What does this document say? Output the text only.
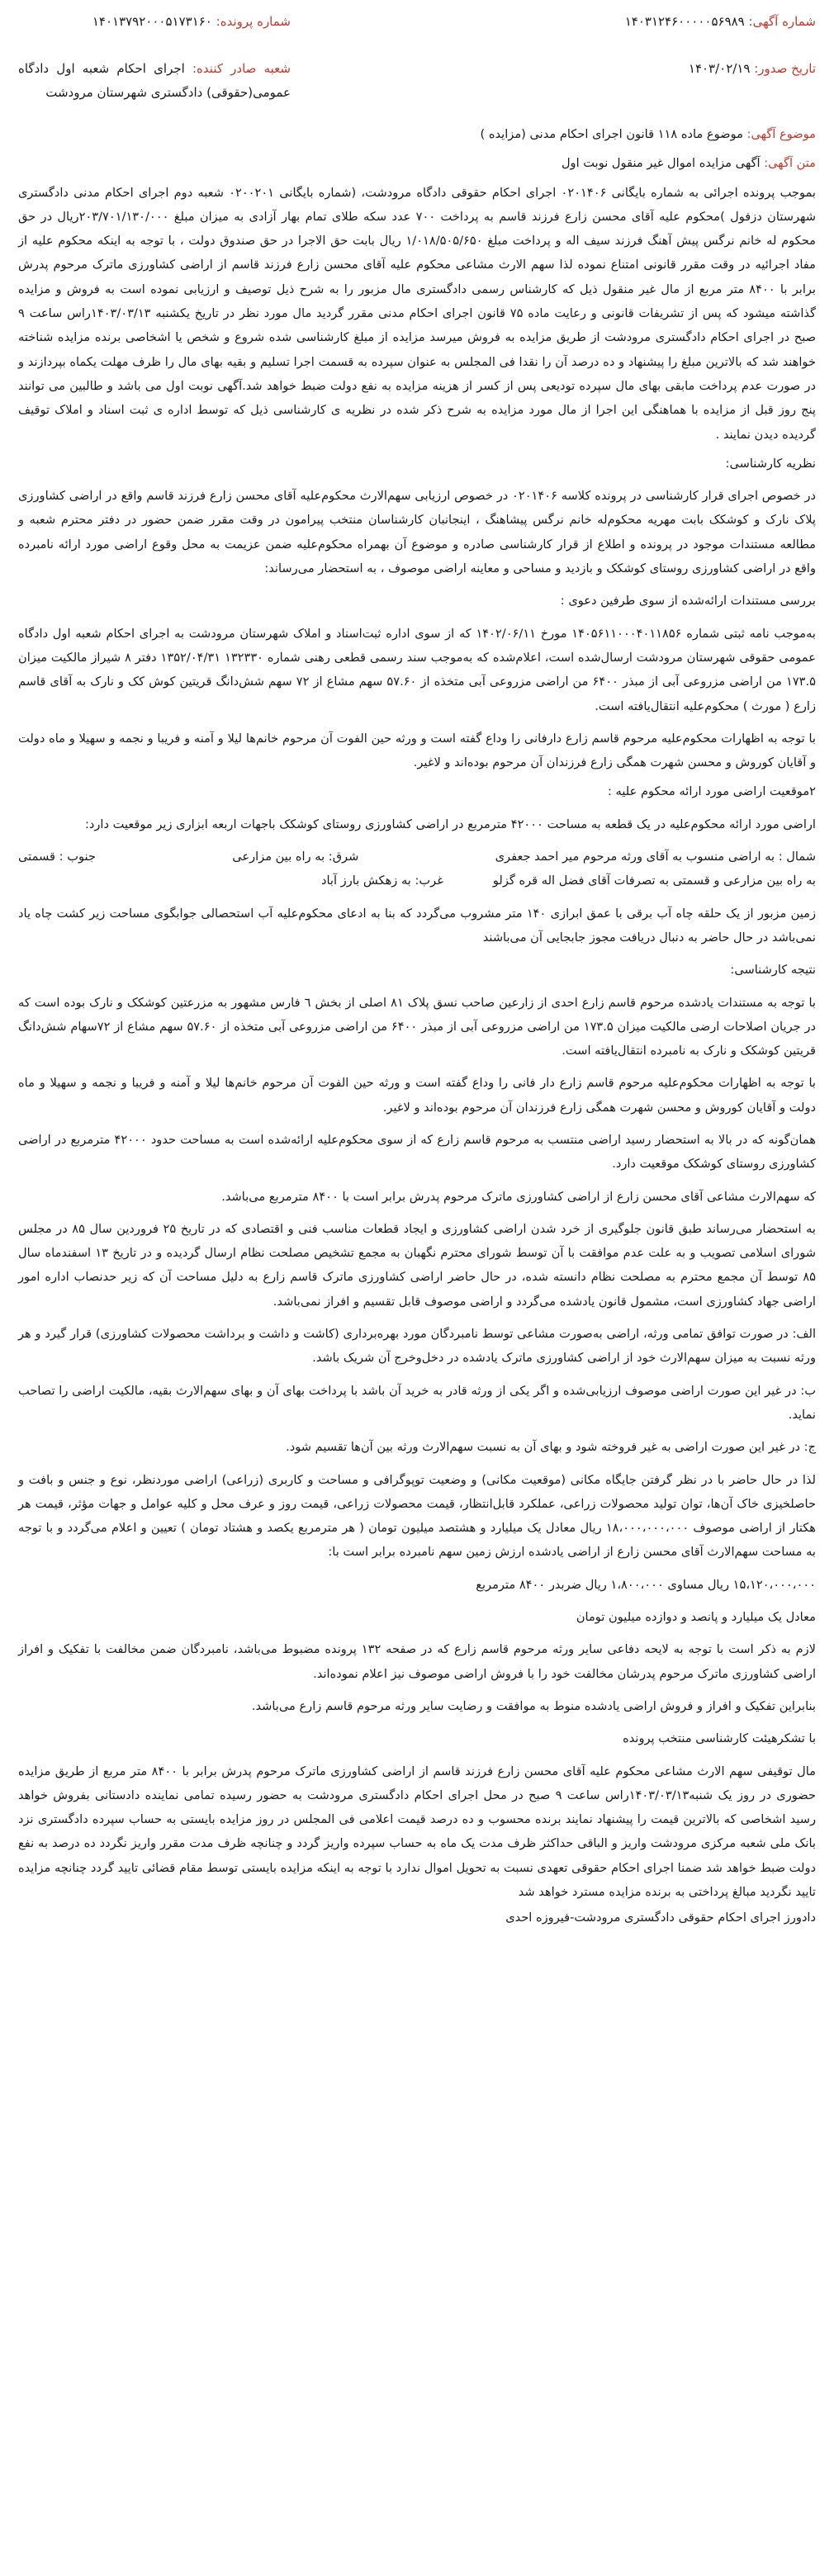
شماره آگهی: ۱۴۰۳۱۲۴۶۰۰۰۰۰۵۶۹۸۹
تاریخ صدور: ۱۴۰۳/۰۲/۱۹
شماره پرونده: ۱۴۰۱۳۷۹۲۰۰۰۵۱۷۳۱۶۰
شعبه صادر کننده: اجرای احکام شعبه اول دادگاه عمومی(حقوقی) دادگستری شهرستان مرودشت
موضوع آگهی: موضوع ماده ۱۱۸ قانون اجرای احکام مدنی (مزایده )
متن آگهی: آگهی مزایده اموال غیر منقول نوبت اول

بموجب پرونده اجرائی به شماره بایگانی ۰۲۰۱۴۰۶ اجرای احکام حقوقی دادگاه مرودشت، (شماره بایگانی ۰۲۰۰۲۰۱ شعبه دوم اجرای احکام مدنی دادگستری شهرستان دزفول )محکوم علیه آقای محسن زارع فرزند قاسم به پرداخت ۷۰۰ عدد سکه طلای تمام بهار آزادی به میزان مبلغ ۲۰۳/۷۰۱/۱۳۰/۰۰۰ریال در حق محکوم له خانم نرگس پیش آهنگ فرزند سیف اله و پرداخت مبلغ ۱/۰۱۸/۵۰۵/۶۵۰ ریال بابت حق الاجرا در حق صندوق دولت ، با توجه به اینکه محکوم علیه از مفاد اجرائیه در وقت مقرر قانونی امتناع نموده لذا سهم الارث مشاعی محکوم علیه آقای محسن زارع فرزند قاسم از اراضی کشاورزی ماترک مرحوم پدرش برابر با ۸۴۰۰ متر مربع از مال غیر منقول ذیل که کارشناس رسمی دادگستری مال مزبور را به شرح ذیل توصیف و ارزیابی نموده است به فروش و مزایده گذاشته میشود که پس از تشریفات قانونی و رعایت ماده ۷۵ قانون اجرای احکام مدنی مقرر گردید مال مورد نظر در تاریخ یکشنبه ۱۴۰۳/۰۳/۱۳راس ساعت ۹ صبح در اجرای احکام دادگستری مرودشت از طریق مزایده به فروش میرسد مزایده از مبلغ کارشناسی شده شروع و شخص یا اشخاصی برنده مزایده شناخته خواهند شد که بالاترین مبلغ را پیشنهاد و ده درصد آن را نقدا فی المجلس به عنوان سپرده به قسمت اجرا تسلیم و بقیه بهای مال را ظرف مهلت یکماه بپردازند و در صورت عدم پرداخت مابقی بهای مال سپرده تودیعی پس از کسر از هزینه مزایده به نفع دولت ضبط خواهد شد.آگهی نوبت اول می باشد و طالبین می توانند پنج روز قبل از مزایده با هماهنگی این اجرا از مال مورد مزایده به شرح ذکر شده در نظریه ی کارشناسی ذیل که توسط اداره ی ثبت اسناد و املاک توقیف گردیده دیدن نمایند .

نظریه کارشناسی:

در خصوص اجرای قرار کارشناسی در پرونده کلاسه ۰۲۰۱۴۰۶ در خصوص ارزیابی سهم‌الارث محکوم‌علیه آقای محسن زارع فرزند قاسم واقع در اراضی کشاورزی پلاک نارک و کوشکک بابت مهریه محکوم‌له خانم نرگس پیشاهنگ ، اینجانبان کارشناسان منتخب پیرامون در وقت مقرر ضمن حضور در دفتر محترم شعبه و مطالعه مستندات موجود در پرونده و اطلاع از قرار کارشناسی صادره و موضوع آن بهمراه محکوم‌علیه ضمن عزیمت به محل وقوع اراضی مورد ارائه نامبرده واقع در اراضی کشاورزی روستای کوشکک و بازدید و مساحی و معاینه اراضی موصوف ، به استحضار می‌رساند:

بررسی مستندات ارائه‌شده از سوی طرفین دعوی :

به‌موجب نامه ثبتی شماره ۱۴۰۵۶۱۱۰۰۰۴۰۱۱۸۵۶ مورخ ۱۴۰۲/۰۶/۱۱ که از سوی اداره ثبت‌اسناد و املاک شهرستان مرودشت به اجرای احکام شعبه اول دادگاه عمومی حقوقی شهرستان مرودشت ارسال‌شده است، اعلام‌شده که به‌موجب سند رسمی قطعی رهنی شماره ۱۳۲۳۳۰ ۱۳۵۲/۰۴/۳۱ دفتر ۸ شیراز مالکیت میزان ۱۷۳.۵ من اراضی مزروعی آبی از مبذر ۶۴۰۰ من اراضی مزروعی آبی متخذه از ۵۷.۶۰ سهم مشاع از ۷۲ سهم شش‌دانگ قریتین کوش کک و نارک به آقای قاسم زارع ( مورث ) محکوم‌علیه انتقال‌یافته است.

با توجه به اظهارات محکوم‌علیه مرحوم قاسم زارع دارفانی را وداع گفته است و ورثه حین الفوت آن مرحوم خانم‌ها لیلا و آمنه و فریبا و نجمه و سهیلا و ماه دولت و آقایان کوروش و محسن شهرت همگی زارع فرزندان آن مرحوم بوده‌اند و لاغیر.

۲موقعیت اراضی مورد ارائه محکوم علیه :

اراضی مورد ارائه محکوم‌علیه در یک قطعه به مساحت ۴۲۰۰۰ مترمربع در اراضی کشاورزی روستای کوشکک باجهات اربعه ابزاری زیر موقعیت دارد:

شمال : به اراضی منسوب به آقای ورثه مرحوم میر احمد جعفری
شرق: به راه بین مزارعی
جنوب : قسمتی
به راه بین مزارعی و قسمتی به تصرفات آقای فضل اله قره گزلو
غرب: به زهکش بارز آباد

زمین مزبور از یک حلقه چاه آب برقی با عمق ابرازی ۱۴۰ متر مشروب می‌گردد که بنا به ادعای محکوم‌علیه آب استحصالی جوابگوی مساحت زیر کشت چاه یاد نمی‌باشد در حال حاضر به دنبال دریافت مجوز جابجایی آن می‌باشند

نتیجه کارشناسی:

با توجه به مستندات یادشده مرحوم قاسم زارع احدی از زارعین صاحب نسق پلاک ۸۱ اصلی از بخش ٦ فارس مشهور به مزرعتین کوشکک و نارک بوده است که در جریان اصلاحات ارضی مالکیت میزان ۱۷۳.۵ من اراضی مزروعی آبی از مبذر ۶۴۰۰ من اراضی مزروعی آبی متخذه از ۵۷.۶۰ سهم مشاع از ۷۲سهام شش‌دانگ قریتین کوشکک و نارک به نامبرده انتقال‌یافته است.

با توجه به اظهارات محکوم‌علیه مرحوم قاسم زارع دار فانی را وداع گفته است و ورثه حین الفوت آن مرحوم خانم‌ها لیلا و آمنه و فریبا و نجمه و سهیلا و ماه دولت و آقایان کوروش و محسن شهرت همگی زارع فرزندان آن مرحوم بوده‌اند و لاغیر.

همان‌گونه که در بالا به استحضار رسید اراضی منتسب به مرحوم قاسم زارع که از سوی محکوم‌علیه ارائه‌شده است به مساحت حدود ۴۲۰۰۰ مترمربع در اراضی کشاورزی روستای کوشکک موقعیت دارد.

که سهم‌الارث مشاعی آقای محسن زارع از اراضی کشاورزی ماترک مرحوم پدرش برابر است با ۸۴۰۰ مترمربع می‌باشد.

به استحضار می‌رساند طبق قانون جلوگیری از خرد شدن اراضی کشاورزی و ایجاد قطعات مناسب فنی و اقتصادی که در تاریخ ۲۵ فروردین سال ۸۵ در مجلس شورای اسلامی تصویب و به علت عدم موافقت با آن توسط شورای محترم نگهبان به مجمع تشخیص مصلحت نظام ارسال گردیده و در تاریخ ۱۳ اسفندماه سال ۸۵ توسط آن مجمع محترم به مصلحت نظام دانسته شده، در حال حاضر اراضی کشاورزی ماترک قاسم زارع به دلیل مساحت آن که زیر حدنصاب اداره امور اراضی جهاد کشاورزی است، مشمول قانون یادشده می‌گردد و اراضی موصوف قابل تقسیم و افراز نمی‌باشد.

الف: در صورت توافق تمامی ورثه، اراضی به‌صورت مشاعی توسط نامبردگان مورد بهره‌برداری (کاشت و داشت و برداشت محصولات کشاورزی) قرار گیرد و هر ورثه نسبت به میزان سهم‌الارث خود از اراضی کشاورزی ماترک یادشده در دخل‌وخرج آن شریک باشد.

ب: در غیر این صورت اراضی موصوف ارزیابی‌شده و اگر یکی از ورثه قادر به خرید آن باشد با پرداخت بهای آن و بهای سهم‌الارث بقیه، مالکیت اراضی را تصاحب نماید.

ج: در غیر این صورت اراضی به غیر فروخته شود و بهای آن به نسبت سهم‌الارث ورثه بین آن‌ها تقسیم شود.

لذا در حال حاضر با در نظر گرفتن جایگاه مکانی (موقعیت مکانی) و وضعیت توپوگرافی و مساحت و کاربری (زراعی) اراضی موردنظر، نوع و جنس و بافت و حاصلخیزی خاک آن‌ها، توان تولید محصولات زراعی، عملکرد قابل‌انتظار، قیمت محصولات زراعی، قیمت روز و عرف محل و کلیه عوامل و جهات مؤثر، قیمت هر هکتار از اراضی موصوف ۱۸،۰۰۰،۰۰۰،۰۰۰ ریال معادل یک میلیارد و هشتصد میلیون تومان ( هر مترمربع یکصد و هشتاد تومان ) تعیین و اعلام می‌گردد و با توجه به مساحت سهم‌الارث آقای محسن زارع از اراضی یادشده ارزش زمین سهم نامبرده برابر است با:

۱۵،۱۲۰،۰۰۰،۰۰۰ ریال مساوی ۱،۸۰۰،۰۰۰ ریال ضربدر ۸۴۰۰ مترمربع

معادل یک میلیارد و پانصد و دوازده میلیون تومان

لازم به ذکر است با توجه به لایحه دفاعی سایر ورثه مرحوم قاسم زارع که در صفحه ۱۳۲ پرونده مضبوط می‌باشد، نامبردگان ضمن مخالفت با تفکیک و افراز اراضی کشاورزی ماترک مرحوم پدرشان مخالفت خود را با فروش اراضی موصوف نیز اعلام نموده‌اند.

بنابراین تفکیک و افراز و فروش اراضی یادشده منوط به موافقت و رضایت سایر ورثه مرحوم قاسم زارع می‌باشد.

با تشکرهیئت کارشناسی منتخب پرونده

مال توقیفی سهم الارث مشاعی محکوم علیه آقای محسن زارع فرزند قاسم از اراضی کشاورزی ماترک مرحوم پدرش برابر با ۸۴۰۰ متر مربع از طریق مزایده حضوری در روز یک شنبه۱۴۰۳/۰۳/۱۳راس ساعت ۹ صبح در محل اجرای احکام دادگستری مرودشت به حضور رسیده تمامی نماینده دادستانی بفروش خواهد رسید اشخاصی که بالاترین قیمت را پیشنهاد نمایند برنده محسوب و ده درصد قیمت اعلامی فی المجلس در روز مزایده بایستی به حساب سپرده دادگستری نزد بانک ملی شعبه مرکزی مرودشت واریز و الباقی حداکثر ظرف مدت یک ماه به حساب سپرده واریز گردد و چنانچه ظرف مدت مقرر واریز نگردد ده درصد به نفع دولت ضبط خواهد شد ضمنا اجرای احکام حقوقی تعهدی نسبت به تحویل اموال ندارد با توجه به اینکه مزایده بایستی توسط مقام قضائی تایید گردد چنانچه مزایده تایید نگردید مبالغ پرداختی به برنده مزایده مسترد خواهد شد

دادورز اجرای احکام حقوقی دادگستری مرودشت-فیروزه احدی
